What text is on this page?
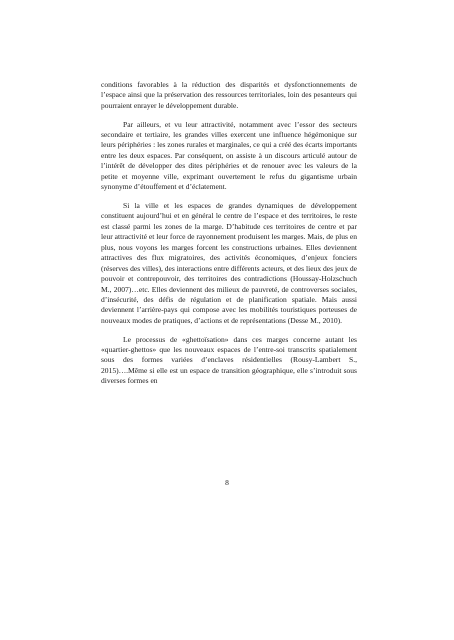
conditions favorables à la réduction des disparités et dysfonctionnements de l’espace ainsi que la préservation des ressources territoriales, loin des pesanteurs qui pourraient enrayer le développement durable.

Par ailleurs, et vu leur attractivité, notamment avec l’essor des secteurs secondaire et tertiaire, les grandes villes exercent une influence hégémonique sur leurs périphéries : les zones rurales et marginales, ce qui a créé des écarts importants entre les deux espaces. Par conséquent, on assiste à un discours articulé autour de l’intérêt de développer des dites périphéries et de renouer avec les valeurs de la petite et moyenne ville, exprimant ouvertement le refus du gigantisme urbain synonyme d’étouffement et d’éclatement.

Si la ville et les espaces de grandes dynamiques de développement constituent aujourd’hui et en général le centre de l’espace et des territoires, le reste est classé parmi les zones de la marge. D’habitude ces territoires de centre et par leur attractivité et leur force de rayonnement produisent les marges. Mais, de plus en plus, nous voyons les marges forcent les constructions urbaines. Elles deviennent attractives des flux migratoires, des activités économiques, d’enjeux fonciers (réserves des villes), des interactions entre différents acteurs, et des lieux des jeux de pouvoir et contrepouvoir, des territoires des contradictions (Houssay-Holzschuch M., 2007)…etc. Elles deviennent des milieux de pauvreté, de controverses sociales, d’insécurité, des défis de régulation et de planification spatiale. Mais aussi deviennent l’arrière-pays qui compose avec les mobilités touristiques porteuses de nouveaux modes de pratiques, d’actions et de représentations (Desse M., 2010).

Le processus de «ghettoïsation» dans ces marges concerne autant les «quartier-ghettos» que les nouveaux espaces de l’entre-soi transcrits spatialement sous des formes variées d’enclaves résidentielles (Rousy-Lambert S., 2015)….Même si elle est un espace de transition géographique, elle s’introduit sous diverses formes en

8
